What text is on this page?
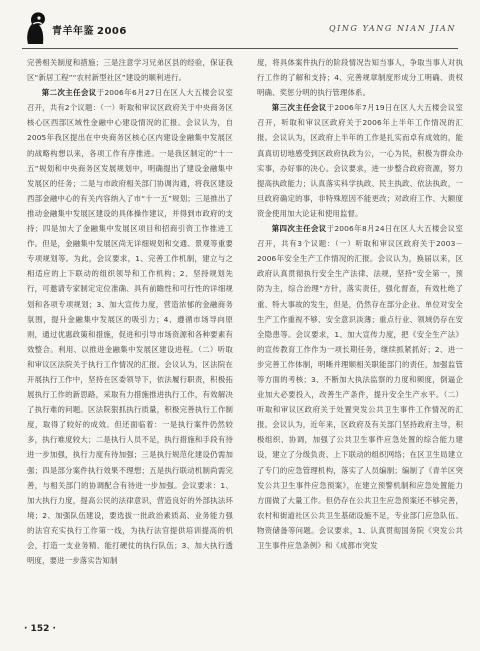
青羊年鉴 2006	QING YANG NIAN JIAN

完善相关制度和措施；三是注意学习兄弟区县的经验，保证我区“新居工程”“农村新型社区”建设的顺利进行。

第二次主任会议于2006年6月27日在区人大五楼会议室召开，共有2个议题：（一）听取和审议区政府关于中央商务区核心区西部区域性金融中心建设情况的汇报。会议认为，自2005年我区提出在中央商务区核心区内建设金融集中发展区的战略构想以来，各项工作有序推进。一是我区制定的“十一五”规划和中央商务区发展规划中，明确提出了建设金融集中发展区的任务；二是与市政府相关部门协调沟通，将我区建设西部金融中心的有关内容纳入了市“十一五”规划；三是推出了推动金融集中发展区建设的具体操作建议，并得到市政府的支持；四是加大了金融集中发展区项目和招商引资工作推进工作。但是，金融集中发展区尚无详细规划和交通、景观等重要专项规划等。为此，会议要求，1、完善工作机制，建立与之相适应的上下联动的组织领导和工作机构；2、坚持规划先行，可邀请专家制定定位准确、具有前瞻性和可行性的详细规划和各项专项规划；3、加大宣传力度，营造浓郁的金融商务氛围，提升金融集中发展区的吸引力；4、遵循市场导向原则，通过优惠政策和措施，促进和引导市场资源和各种要素有效整合。利用、以推进金融集中发展区建设进程。（二）听取和审议区法院关于执行工作情况的汇报。会议认为，区法院在开展执行工作中，坚持在区委领导下，依法履行职责，积极拓展执行工作的新思路，采取有力措施推进执行工作，有效解决了执行难的问题。区法院狠抓执行质量，积极完善执行工作制度，取得了较好的成效。但还面临着：一是执行案件仍然较多，执行难度较大；二是执行人员不足，执行措施和手段有待进一步加强，执行力度有待加强；三是执行规范化建设仍需加强；四是部分案件执行效果不理想；五是执行联动机制尚需完善，与相关部门的协调配合有待进一步加强。会议要求：1、加大执行力度，提高公民的法律意识，营造良好的外部执法环境；2、加强队伍建设，要选拔一批政治素质高、业务能力强的法官充实执行工作第一线，为执行法官提供培训提高的机会，打造一支业务精、能打硬仗的执行队伍；3、加大执行透明度，要进一步落实告知制

度，将具体案件执行的阶段情况告知当事人，争取当事人对执行工作的了解和支持；4、完善规章制度形成分工明确、责权明确、奖惩分明的执行管理体系。

第三次主任会议于2006年7月19日在区人大五楼会议室召开，听取和审议区政府关于2006年上半年工作情况的汇报。会议认为，区政府上半年的工作是扎实而卓有成效的，能真真切切地感受到区政府执政为公，一心为民，积极为群众办实事，办好事的决心。会议要求，进一步整合政府资源，努力提高执政能力；认真落实科学执政、民主执政、依法执政，一旦政府确定的事，非特殊原因不能更改；对政府工作、大额度资金使用加大论证和使用监督。

第四次主任会议于2006年8月24日在区人大五楼会议室召开，共有3个议题：（一）听取和审议区政府关于2003－2006年安全生产工作情况的汇报。会议认为，换届以来，区政府认真贯彻执行安全生产法律、法规，坚持“安全第一，预防为主，综合治理”方针，落实责任，强化督查，有效杜绝了重、特大事故的发生，但是，仍然存在部分企业、单位对安全生产工作重视不够、安全意识淡薄；重点行业、领域仍存在安全隐患等。会议要求，1、加大宣传力度，把《安全生产法》的宣传教育工作作为一项长期任务，继续抓紧抓好；2、进一步完善工作体制，明晰并理顺相关职能部门的责任，加强监管等方面的考核；3、不断加大执法监察的力度和频度，倒逼企业加大必要投入，改善生产条件，提升安全生产水平。（二）听取和审议区政府关于处置突发公共卫生事件工作情况的汇报。会议认为，近年来，区政府及有关部门坚持政府主导，积极组织、协调，加强了公共卫生事件应急处置的综合能力建设，建立了分级负责、上下联动的组织网络；在区卫生局建立了专门的应急管理机构，落实了人员编制；编制了《青羊区突发公共卫生事件应急预案》，在建立预警机制和应急处置能力方面做了大量工作。但仍存在公共卫生应急预案还不够完善，农村和街道社区公共卫生基础设施不足，专业部门应急队伍、物资储备等问题。会议要求，1、认真贯彻国务院《突发公共卫生事件应急条例》和《成都市突发

· 152 ·
